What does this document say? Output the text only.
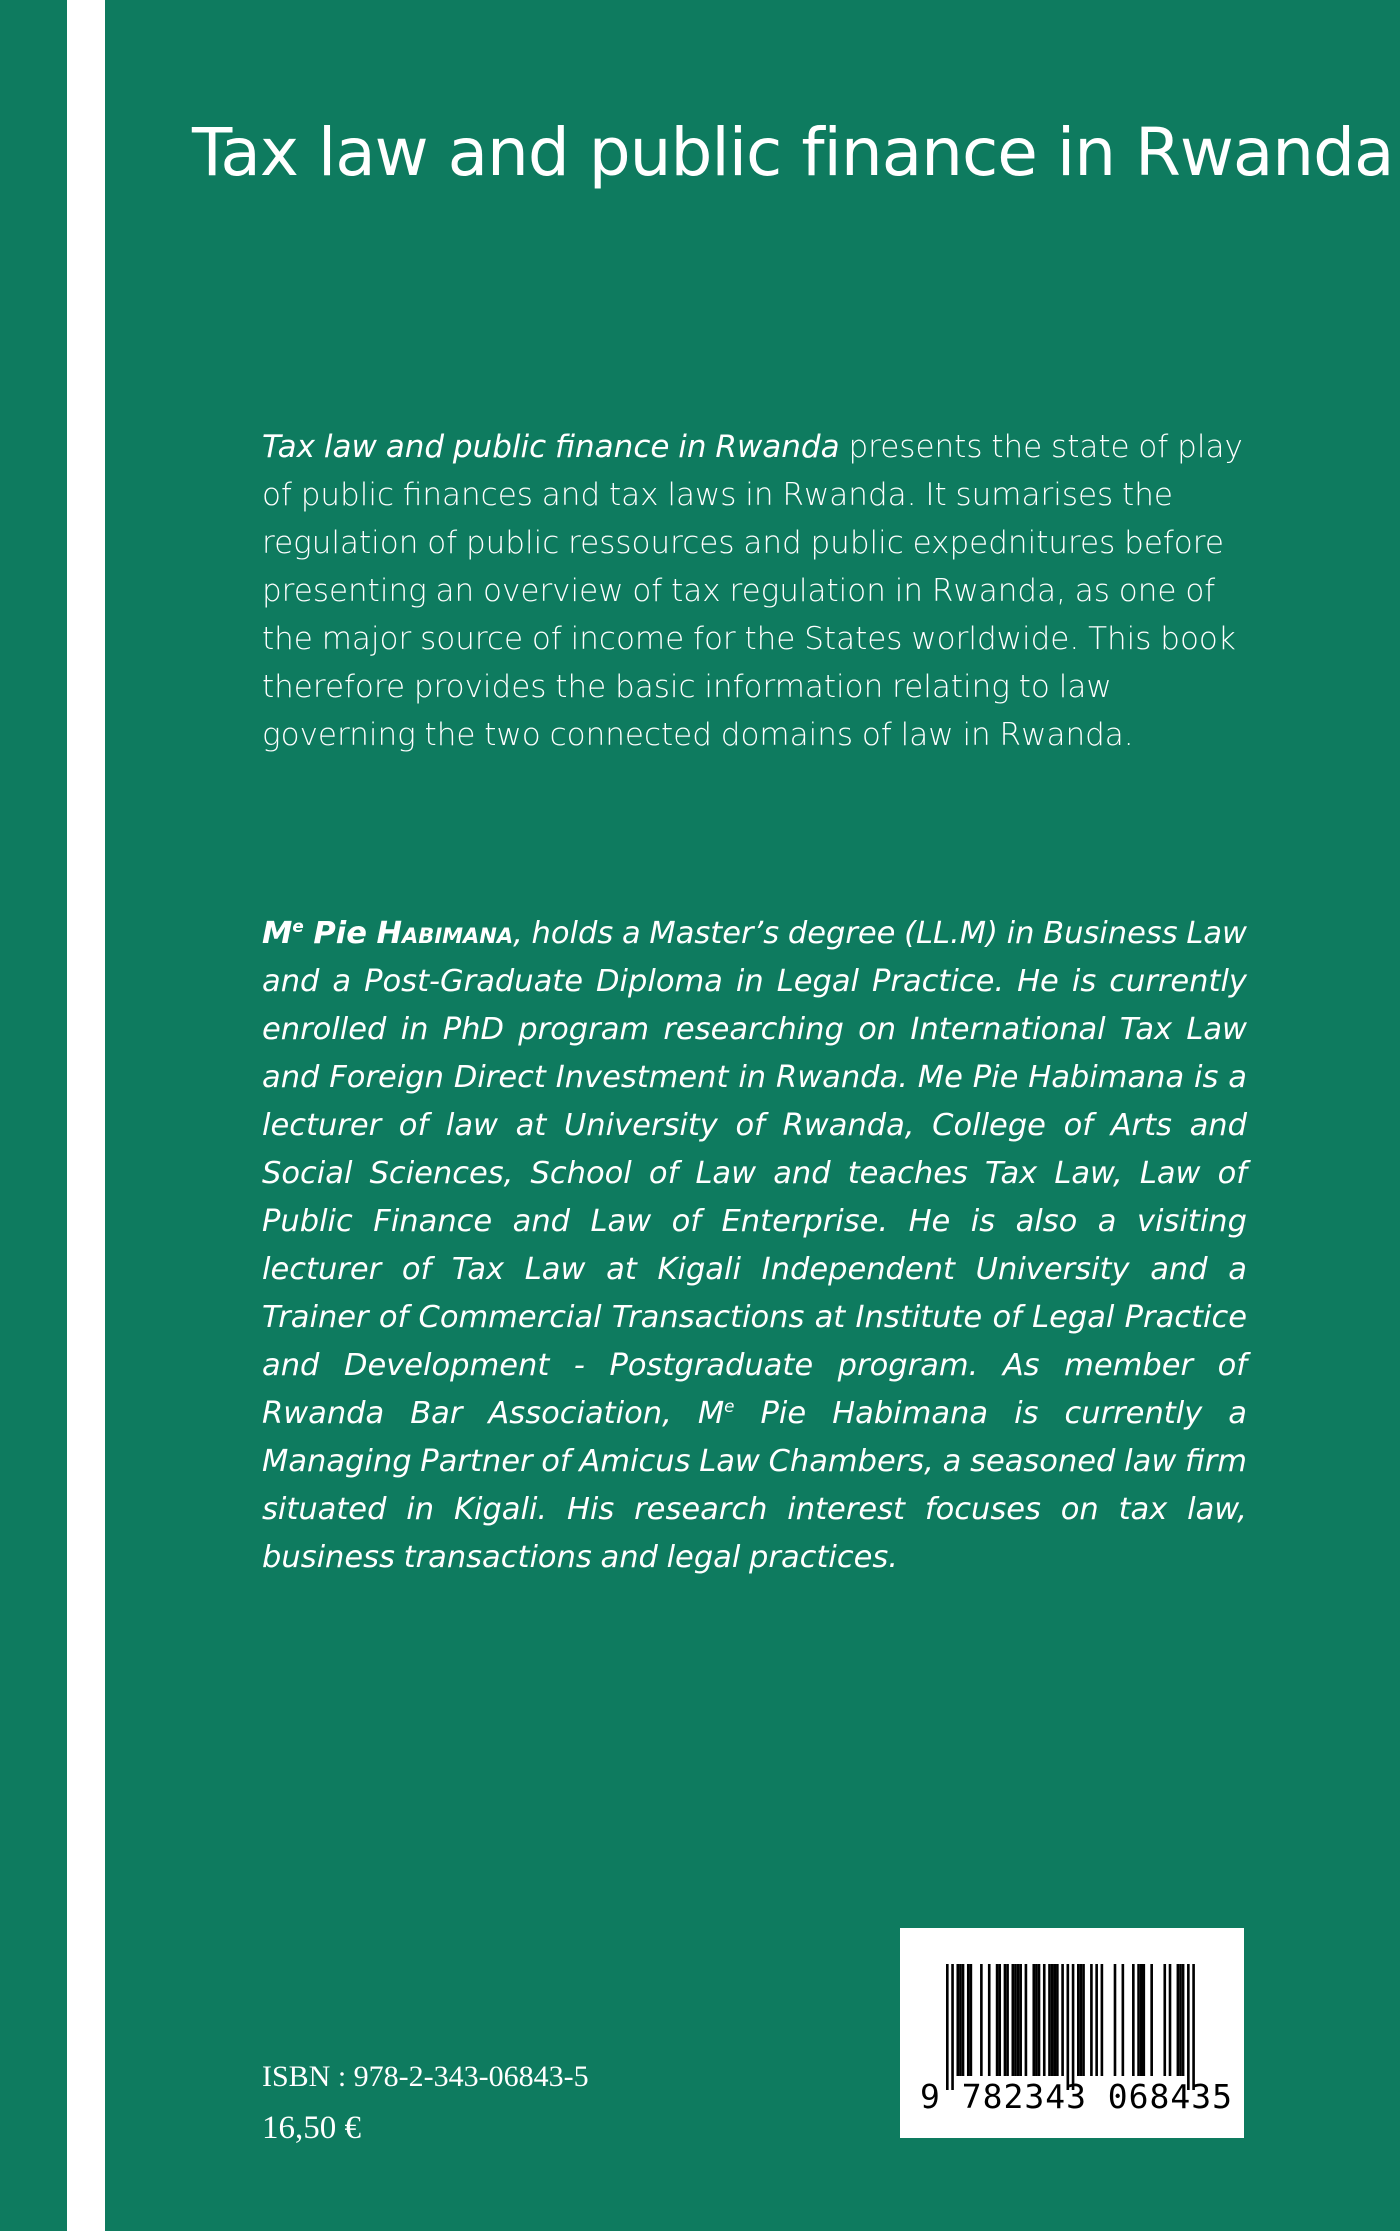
Tax law and public finance in Rwanda

Tax law and public finance in Rwanda presents the state of play of public finances and tax laws in Rwanda. It sumarises the regulation of public ressources and public expednitures before presenting an overview of tax regulation in Rwanda, as one of the major source of income for the States worldwide. This book therefore provides the basic information relating to law governing the two connected domains of law in Rwanda.

Me Pie Habimana, holds a Master’s degree (LL.M) in Business Law and a Post-Graduate Diploma in Legal Practice. He is currently enrolled in PhD program researching on International Tax Law and Foreign Direct Investment in Rwanda. Me Pie Habimana is a lecturer of law at University of Rwanda, College of Arts and Social Sciences, School of Law and teaches Tax Law, Law of Public Finance and Law of Enterprise. He is also a visiting lecturer of Tax Law at Kigali Independent University and a Trainer of Commercial Transactions at Institute of Legal Practice and Development - Postgraduate program. As member of Rwanda Bar Association, Me Pie Habimana is currently a Managing Partner of Amicus Law Chambers, a seasoned law firm situated in Kigali. His research interest focuses on tax law, business transactions and legal practices.

ISBN : 978-2-343-06843-5

16,50 €

9 782343 068435
